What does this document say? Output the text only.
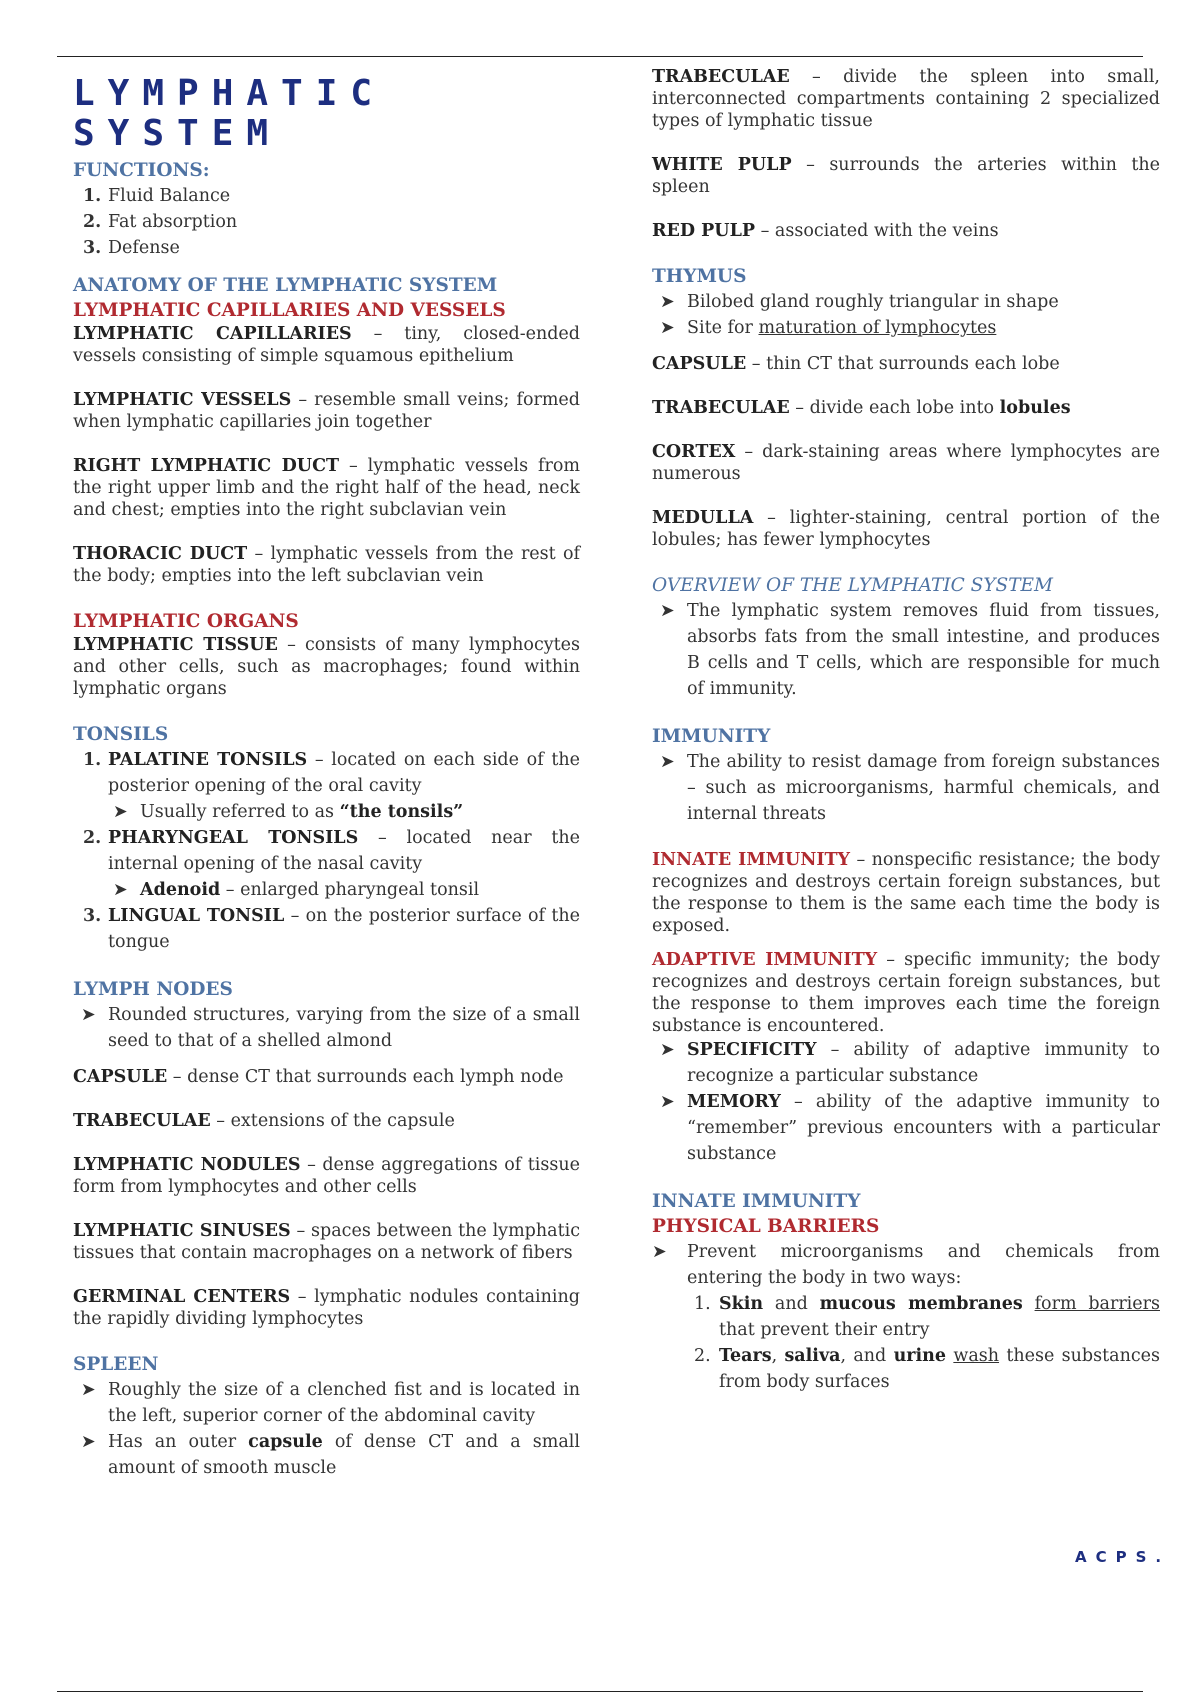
LYMPHATIC SYSTEM
FUNCTIONS:
1. Fluid Balance
2. Fat absorption
3. Defense
ANATOMY OF THE LYMPHATIC SYSTEM
LYMPHATIC CAPILLARIES AND VESSELS

LYMPHATIC CAPILLARIES – tiny, closed-ended vessels consisting of simple squamous epithelium

LYMPHATIC VESSELS – resemble small veins; formed when lymphatic capillaries join together

RIGHT LYMPHATIC DUCT – lymphatic vessels from the right upper limb and the right half of the head, neck and chest; empties into the right subclavian vein

THORACIC DUCT – lymphatic vessels from the rest of the body; empties into the left subclavian vein

LYMPHATIC ORGANS

LYMPHATIC TISSUE – consists of many lymphocytes and other cells, such as macrophages; found within lymphatic organs

TONSILS
1. PALATINE TONSILS – located on each side of the posterior opening of the oral cavity
➤ Usually referred to as “the tonsils”
2. PHARYNGEAL TONSILS – located near the internal opening of the nasal cavity
➤ Adenoid – enlarged pharyngeal tonsil
3. LINGUAL TONSIL – on the posterior surface of the tongue
LYMPH NODES
➤ Rounded structures, varying from the size of a small seed to that of a shelled almond

CAPSULE – dense CT that surrounds each lymph node

TRABECULAE – extensions of the capsule

LYMPHATIC NODULES – dense aggregations of tissue form from lymphocytes and other cells

LYMPHATIC SINUSES – spaces between the lymphatic tissues that contain macrophages on a network of fibers

GERMINAL CENTERS – lymphatic nodules containing the rapidly dividing lymphocytes

SPLEEN
➤ Roughly the size of a clenched fist and is located in the left, superior corner of the abdominal cavity
➤ Has an outer capsule of dense CT and a small amount of smooth muscle

TRABECULAE – divide the spleen into small, interconnected compartments containing 2 specialized types of lymphatic tissue

WHITE PULP – surrounds the arteries within the spleen

RED PULP – associated with the veins

THYMUS
➤ Bilobed gland roughly triangular in shape
➤ Site for maturation of lymphocytes

CAPSULE – thin CT that surrounds each lobe

TRABECULAE – divide each lobe into lobules

CORTEX – dark-staining areas where lymphocytes are numerous

MEDULLA – lighter-staining, central portion of the lobules; has fewer lymphocytes

OVERVIEW OF THE LYMPHATIC SYSTEM
➤ The lymphatic system removes fluid from tissues, absorbs fats from the small intestine, and produces B cells and T cells, which are responsible for much of immunity.
IMMUNITY
➤ The ability to resist damage from foreign substances – such as microorganisms, harmful chemicals, and internal threats

INNATE IMMUNITY – nonspecific resistance; the body recognizes and destroys certain foreign substances, but the response to them is the same each time the body is exposed.

ADAPTIVE IMMUNITY – specific immunity; the body recognizes and destroys certain foreign substances, but the response to them improves each time the foreign substance is encountered.

➤ SPECIFICITY – ability of adaptive immunity to recognize a particular substance
➤ MEMORY – ability of the adaptive immunity to “remember” previous encounters with a particular substance
INNATE IMMUNITY
PHYSICAL BARRIERS
➤	Prevent microorganisms and chemicals from entering the body in two ways:
1. Skin and mucous membranes form barriers that prevent their entry
2. Tears, saliva, and urine wash these substances from body surfaces
ACPS.
